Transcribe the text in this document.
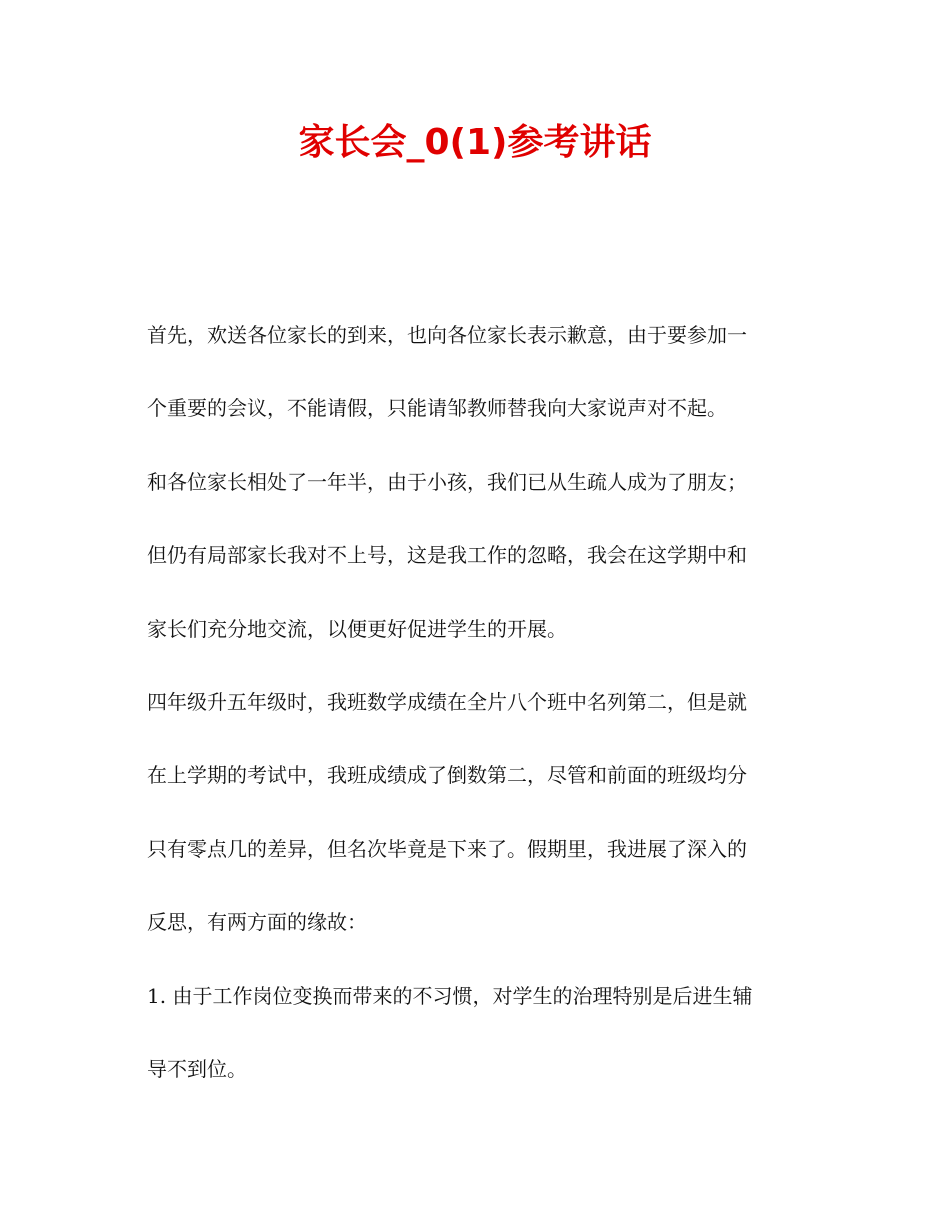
家长会_0(1)参考讲话
首先，欢送各位家长的到来，也向各位家长表示歉意，由于要参加一
个重要的会议，不能请假，只能请邹教师替我向大家说声对不起。
和各位家长相处了一年半，由于小孩，我们已从生疏人成为了朋友；
但仍有局部家长我对不上号，这是我工作的忽略，我会在这学期中和
家长们充分地交流，以便更好促进学生的开展。
四年级升五年级时，我班数学成绩在全片八个班中名列第二，但是就
在上学期的考试中，我班成绩成了倒数第二，尽管和前面的班级均分
只有零点几的差异，但名次毕竟是下来了。假期里，我进展了深入的
反思，有两方面的缘故：
1. 由于工作岗位变换而带来的不习惯，对学生的治理特别是后进生辅
导不到位。
